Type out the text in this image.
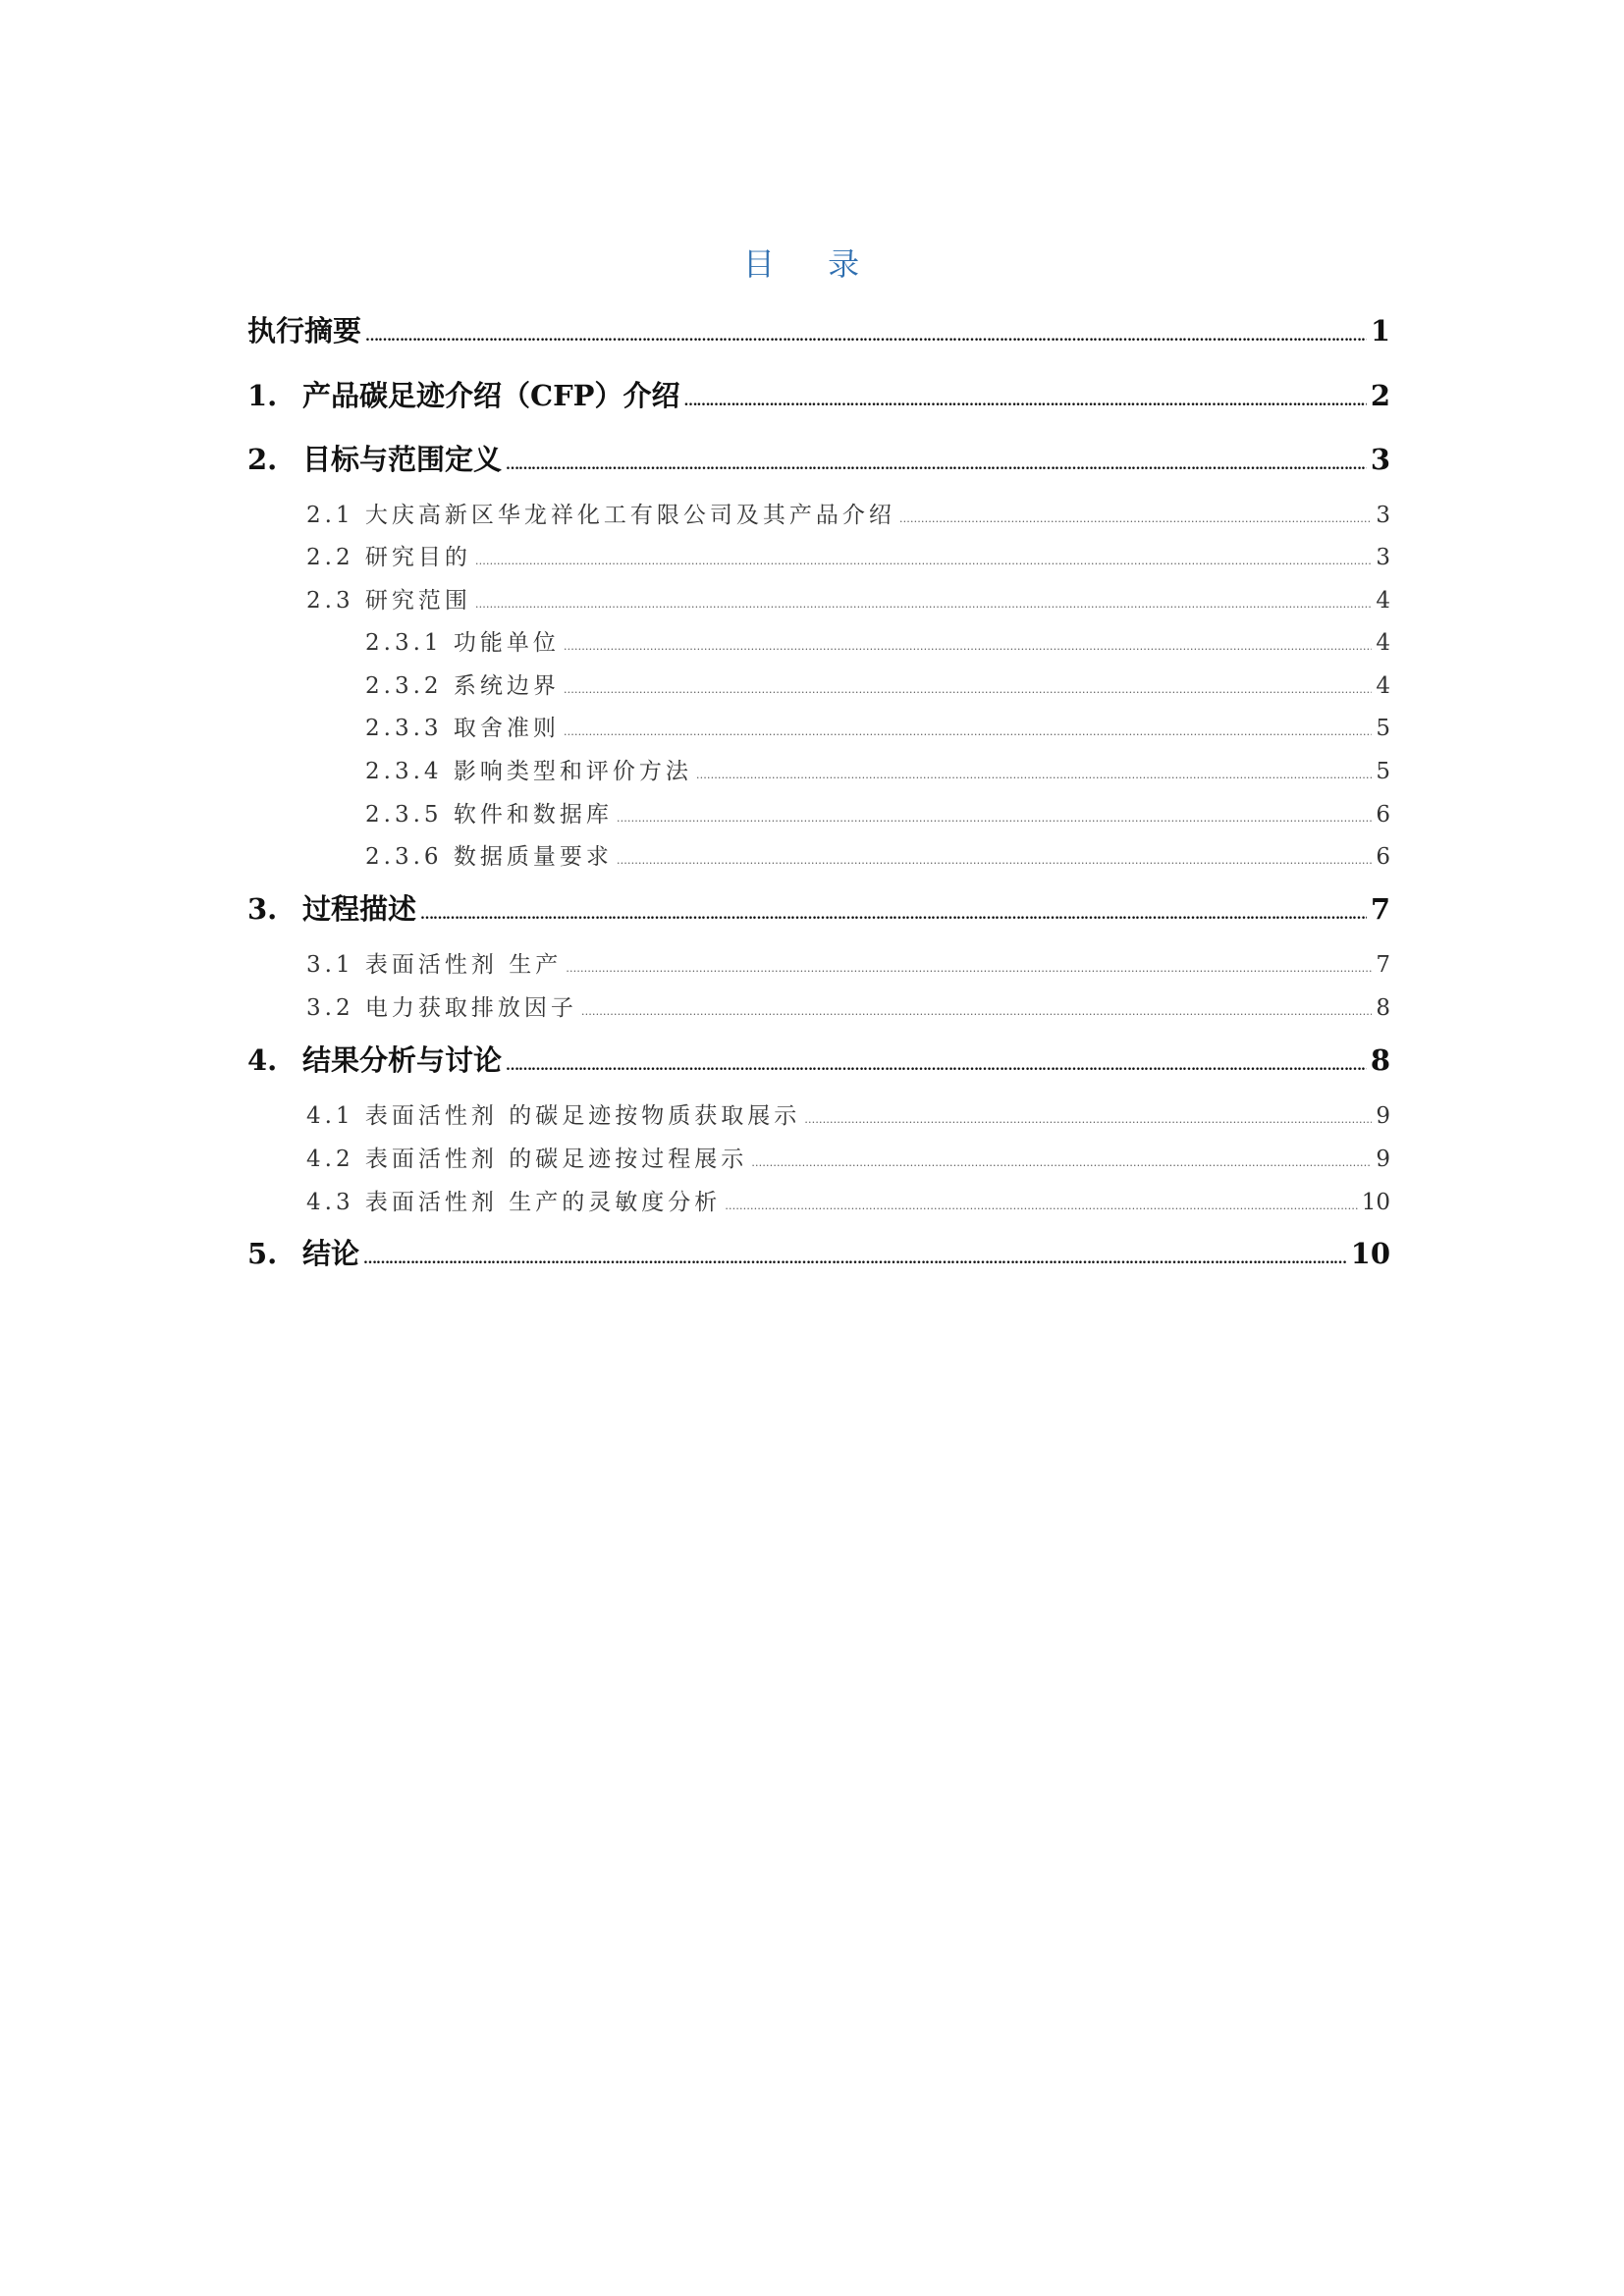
目 录
执行摘要 ………………………………………………………………………………………………………………………………………………………………………………………………………………………………………………………………………………………	1
1. 产品碳足迹介绍（CFP）介绍 ………………………………………………………………………………………………………………………………………………………………………………………………………………………………………………………………………………………	2
2. 目标与范围定义 ………………………………………………………………………………………………………………………………………………………………………………………………………………………………………………………………………………………	3
2.1 大庆高新区华龙祥化工有限公司及其产品介绍 ………………………………………………………………………………………………………………………………………………………………………………………………………………………………………………	3
2.2 研究目的 ………………………………………………………………………………………………………………………………………………………………………………………………………………………………………………	3
2.3 研究范围 ………………………………………………………………………………………………………………………………………………………………………………………………………………………………………………	4
2.3.1 功能单位 ………………………………………………………………………………………………………………………………………………………………………………………………………………………………………………	4
2.3.2 系统边界 ………………………………………………………………………………………………………………………………………………………………………………………………………………………………………………	4
2.3.3 取舍准则 ………………………………………………………………………………………………………………………………………………………………………………………………………………………………………………	5
2.3.4 影响类型和评价方法 ………………………………………………………………………………………………………………………………………………………………………………………………………………………………………………	5
2.3.5 软件和数据库 ………………………………………………………………………………………………………………………………………………………………………………………………………………………………………………	6
2.3.6 数据质量要求 ………………………………………………………………………………………………………………………………………………………………………………………………………………………………………………	6
3. 过程描述 ………………………………………………………………………………………………………………………………………………………………………………………………………………………………………………………………………………………	7
3.1 表面活性剂 生产 ………………………………………………………………………………………………………………………………………………………………………………………………………………………………………………	7
3.2 电力获取排放因子 ………………………………………………………………………………………………………………………………………………………………………………………………………………………………………………	8
4. 结果分析与讨论 ………………………………………………………………………………………………………………………………………………………………………………………………………………………………………………………………………………………	8
4.1 表面活性剂 的碳足迹按物质获取展示 ………………………………………………………………………………………………………………………………………………………………………………………………………………………………………………	9
4.2 表面活性剂 的碳足迹按过程展示 ………………………………………………………………………………………………………………………………………………………………………………………………………………………………………………	9
4.3 表面活性剂 生产的灵敏度分析 ………………………………………………………………………………………………………………………………………………………………………………………………………………………………………………	10
5. 结论 ………………………………………………………………………………………………………………………………………………………………………………………………………………………………………………………………………………………	10
